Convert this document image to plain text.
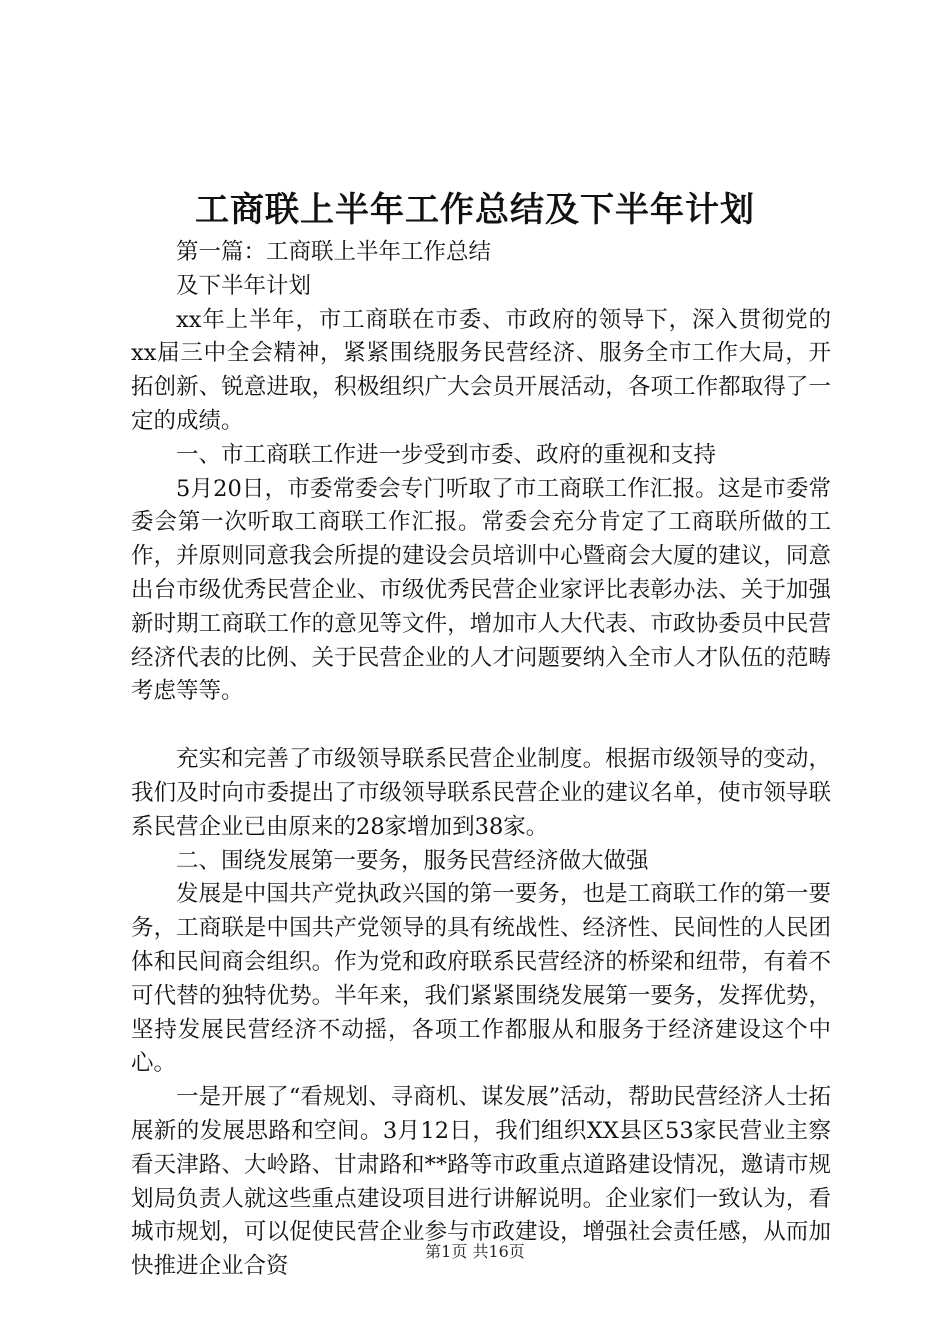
工商联上半年工作总结及下半年计划

第一篇：工商联上半年工作总结

及下半年计划

xx年上半年，市工商联在市委、市政府的领导下，深入贯彻党的xx届三中全会精神，紧紧围绕服务民营经济、服务全市工作大局，开拓创新、锐意进取，积极组织广大会员开展活动，各项工作都取得了一定的成绩。

一、市工商联工作进一步受到市委、政府的重视和支持

5月20日，市委常委会专门听取了市工商联工作汇报。这是市委常委会第一次听取工商联工作汇报。常委会充分肯定了工商联所做的工作，并原则同意我会所提的建设会员培训中心暨商会大厦的建议，同意出台市级优秀民营企业、市级优秀民营企业家评比表彰办法、关于加强新时期工商联工作的意见等文件，增加市人大代表、市政协委员中民营经济代表的比例、关于民营企业的人才问题要纳入全市人才队伍的范畴考虑等等。

充实和完善了市级领导联系民营企业制度。根据市级领导的变动，我们及时向市委提出了市级领导联系民营企业的建议名单，使市领导联系民营企业已由原来的28家增加到38家。

二、围绕发展第一要务，服务民营经济做大做强

发展是中国共产党执政兴国的第一要务，也是工商联工作的第一要务，工商联是中国共产党领导的具有统战性、经济性、民间性的人民团体和民间商会组织。作为党和政府联系民营经济的桥梁和纽带，有着不可代替的独特优势。半年来，我们紧紧围绕发展第一要务，发挥优势，坚持发展民营经济不动摇，各项工作都服从和服务于经济建设这个中心。

一是开展了“看规划、寻商机、谋发展”活动，帮助民营经济人士拓展新的发展思路和空间。3月12日，我们组织XX县区53家民营业主察看天津路、大岭路、甘肃路和**路等市政重点道路建设情况，邀请市规划局负责人就这些重点建设项目进行讲解说明。企业家们一致认为，看城市规划，可以促使民营企业参与市政建设，增强社会责任感，从而加快推进企业合资

第1页 共16页
